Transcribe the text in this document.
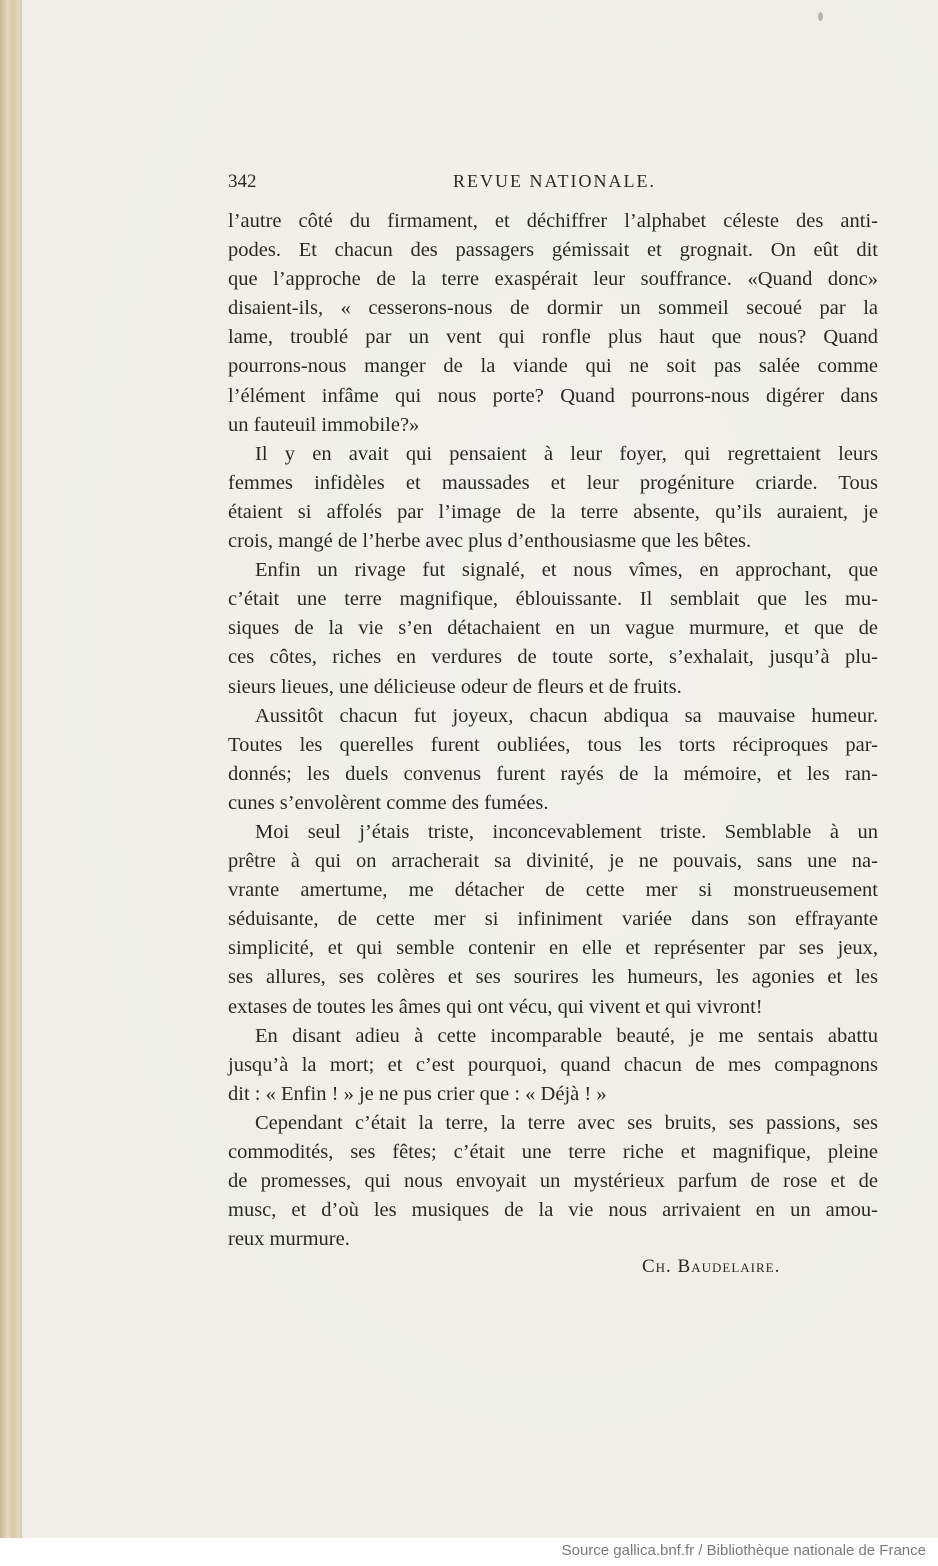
342	REVUE NATIONALE.
l’autre côté du firmament, et déchiffrer l’alphabet céleste des anti-
podes. Et chacun des passagers gémissait et grognait. On eût dit
que l’approche de la terre exaspérait leur souffrance. «Quand donc»
disaient-ils, « cesserons-nous de dormir un sommeil secoué par la
lame, troublé par un vent qui ronfle plus haut que nous? Quand
pourrons-nous manger de la viande qui ne soit pas salée comme
l’élément infâme qui nous porte? Quand pourrons-nous digérer dans
un fauteuil immobile?»
Il y en avait qui pensaient à leur foyer, qui regrettaient leurs
femmes infidèles et maussades et leur progéniture criarde. Tous
étaient si affolés par l’image de la terre absente, qu’ils auraient, je
crois, mangé de l’herbe avec plus d’enthousiasme que les bêtes.
Enfin un rivage fut signalé, et nous vîmes, en approchant, que
c’était une terre magnifique, éblouissante. Il semblait que les mu-
siques de la vie s’en détachaient en un vague murmure, et que de
ces côtes, riches en verdures de toute sorte, s’exhalait, jusqu’à plu-
sieurs lieues, une délicieuse odeur de fleurs et de fruits.
Aussitôt chacun fut joyeux, chacun abdiqua sa mauvaise humeur.
Toutes les querelles furent oubliées, tous les torts réciproques par-
donnés; les duels convenus furent rayés de la mémoire, et les ran-
cunes s’envolèrent comme des fumées.
Moi seul j’étais triste, inconcevablement triste. Semblable à un
prêtre à qui on arracherait sa divinité, je ne pouvais, sans une na-
vrante amertume, me détacher de cette mer si monstrueusement
séduisante, de cette mer si infiniment variée dans son effrayante
simplicité, et qui semble contenir en elle et représenter par ses jeux,
ses allures, ses colères et ses sourires les humeurs, les agonies et les
extases de toutes les âmes qui ont vécu, qui vivent et qui vivront!
En disant adieu à cette incomparable beauté, je me sentais abattu
jusqu’à la mort; et c’est pourquoi, quand chacun de mes compagnons
dit : « Enfin ! » je ne pus crier que : « Déjà ! »
Cependant c’était la terre, la terre avec ses bruits, ses passions, ses
commodités, ses fêtes; c’était une terre riche et magnifique, pleine
de promesses, qui nous envoyait un mystérieux parfum de rose et de
musc, et d’où les musiques de la vie nous arrivaient en un amou-
reux murmure.
Ch. Baudelaire.
Source gallica.bnf.fr / Bibliothèque nationale de France
